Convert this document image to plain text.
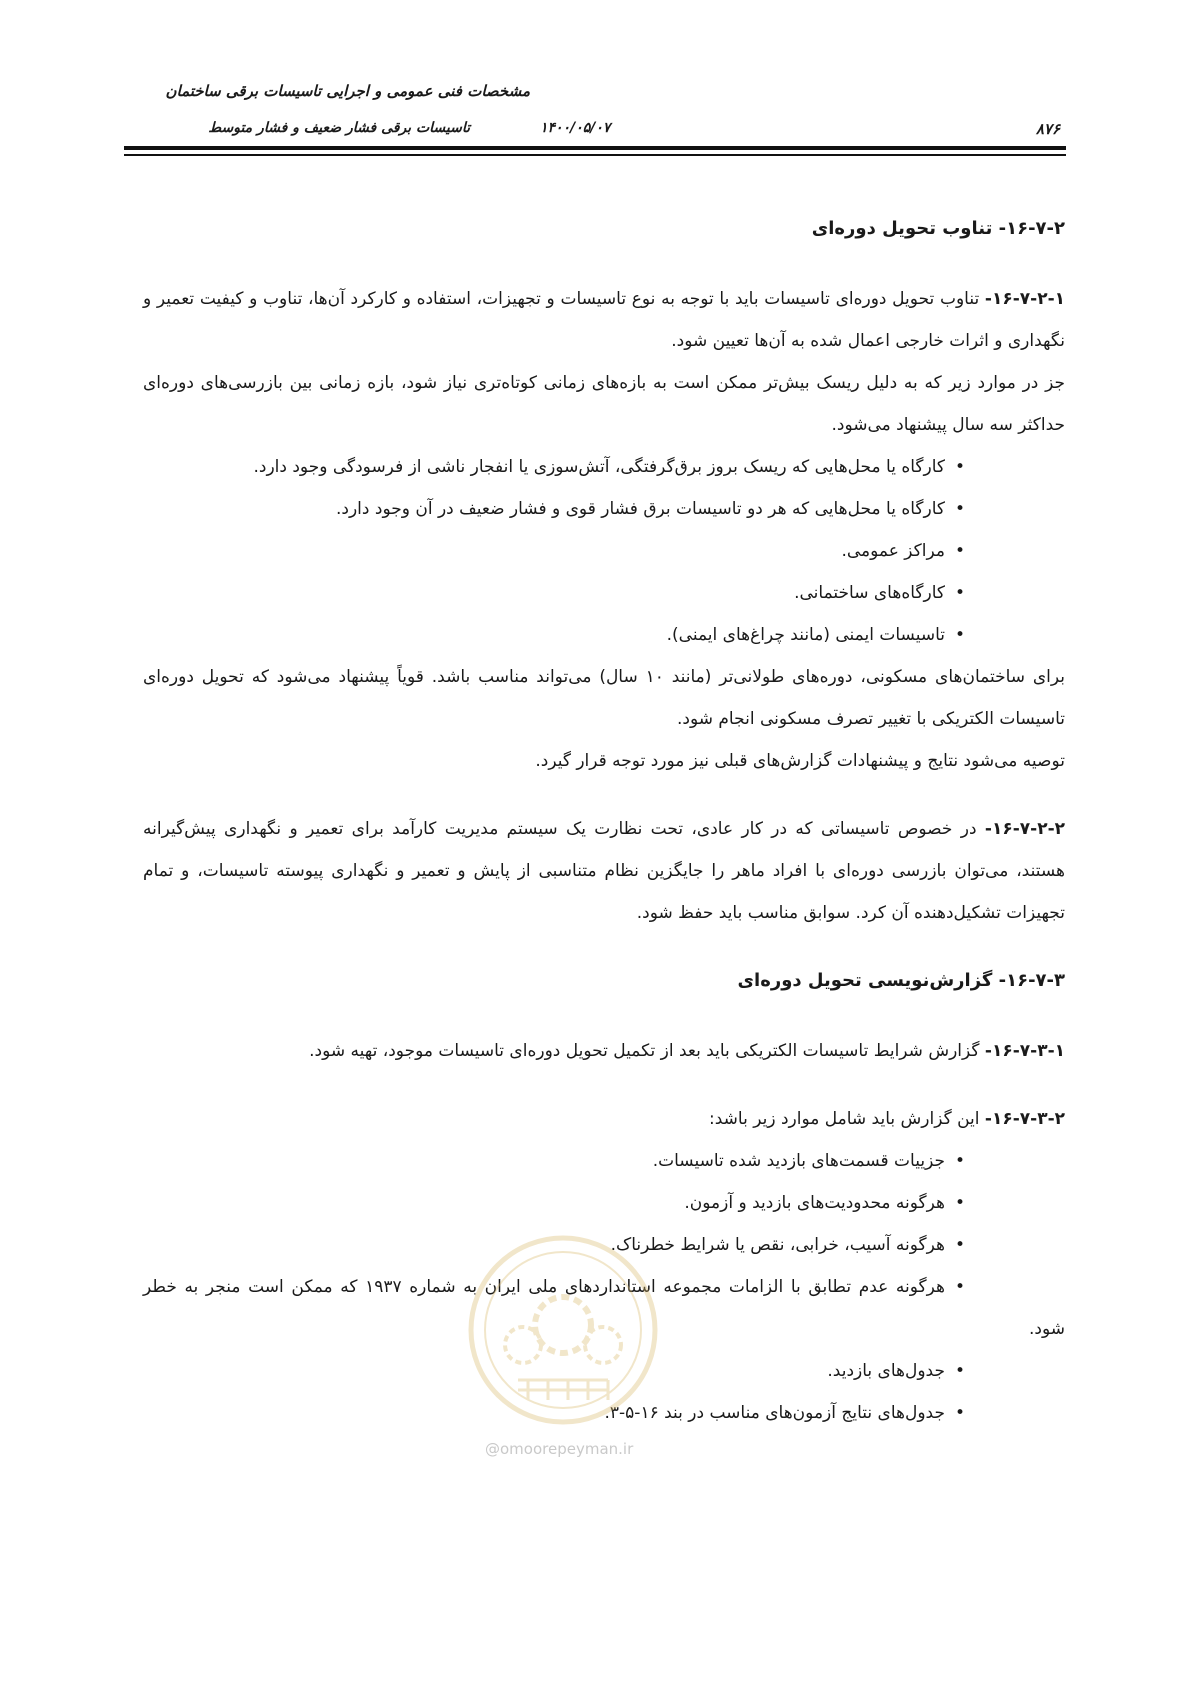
مشخصات فنی عمومی و اجرایی تاسیسات برقی ساختمان
تاسیسات برقی فشار ضعیف و فشار متوسط	۱۴۰۰/۰۵/۰۷	۸۷۶

۱۶-۷-۲- تناوب تحویل دوره‌ای

۱۶-۷-۲-۱- تناوب تحویل دوره‌ای تاسیسات باید با توجه به نوع تاسیسات و تجهیزات، استفاده و کارکرد آن‌ها، تناوب و کیفیت تعمیر و نگهداری و اثرات خارجی اعمال شده به آن‌ها تعیین شود.

جز در موارد زیر که به دلیل ریسک بیش‌تر ممکن است به بازه‌های زمانی کوتاه‌تری نیاز شود، بازه زمانی بین بازرسی‌های دوره‌ای حداکثر سه سال پیشنهاد می‌شود.

• کارگاه یا محل‌هایی که ریسک بروز برق‌گرفتگی، آتش‌سوزی یا انفجار ناشی از فرسودگی وجود دارد.
• کارگاه یا محل‌هایی که هر دو تاسیسات برق فشار قوی و فشار ضعیف در آن وجود دارد.
• مراکز عمومی.
• کارگاه‌های ساختمانی.
• تاسیسات ایمنی (مانند چراغ‌های ایمنی).

برای ساختمان‌های مسکونی، دوره‌های طولانی‌تر (مانند ۱۰ سال) می‌تواند مناسب باشد. قویاً پیشنهاد می‌شود که تحویل دوره‌ای تاسیسات الکتریکی با تغییر تصرف مسکونی انجام شود.

توصیه می‌شود نتایج و پیشنهادات گزارش‌های قبلی نیز مورد توجه قرار گیرد.

۱۶-۷-۲-۲- در خصوص تاسیساتی که در کار عادی، تحت نظارت یک سیستم مدیریت کارآمد برای تعمیر و نگهداری پیش‌گیرانه هستند، می‌توان بازرسی دوره‌ای با افراد ماهر را جایگزین نظام متناسبی از پایش و تعمیر و نگهداری پیوسته تاسیسات، و تمام تجهیزات تشکیل‌دهنده آن کرد. سوابق مناسب باید حفظ شود.

۱۶-۷-۳- گزارش‌نویسی تحویل دوره‌ای

۱۶-۷-۳-۱- گزارش شرایط تاسیسات الکتریکی باید بعد از تکمیل تحویل دوره‌ای تاسیسات موجود، تهیه شود.

۱۶-۷-۳-۲- این گزارش باید شامل موارد زیر باشد:

• جزییات قسمت‌های بازدید شده تاسیسات.
• هرگونه محدودیت‌های بازدید و آزمون.
• هرگونه آسیب، خرابی، نقص یا شرایط خطرناک.
• هرگونه عدم تطابق با الزامات مجموعه استانداردهای ملی ایران به شماره ۱۹۳۷ که ممکن است منجر به خطر شود.
• جدول‌های بازدید.
• جدول‌های نتایج آزمون‌های مناسب در بند ۱۶-۵-۳.
@omoorepeyman.ir
